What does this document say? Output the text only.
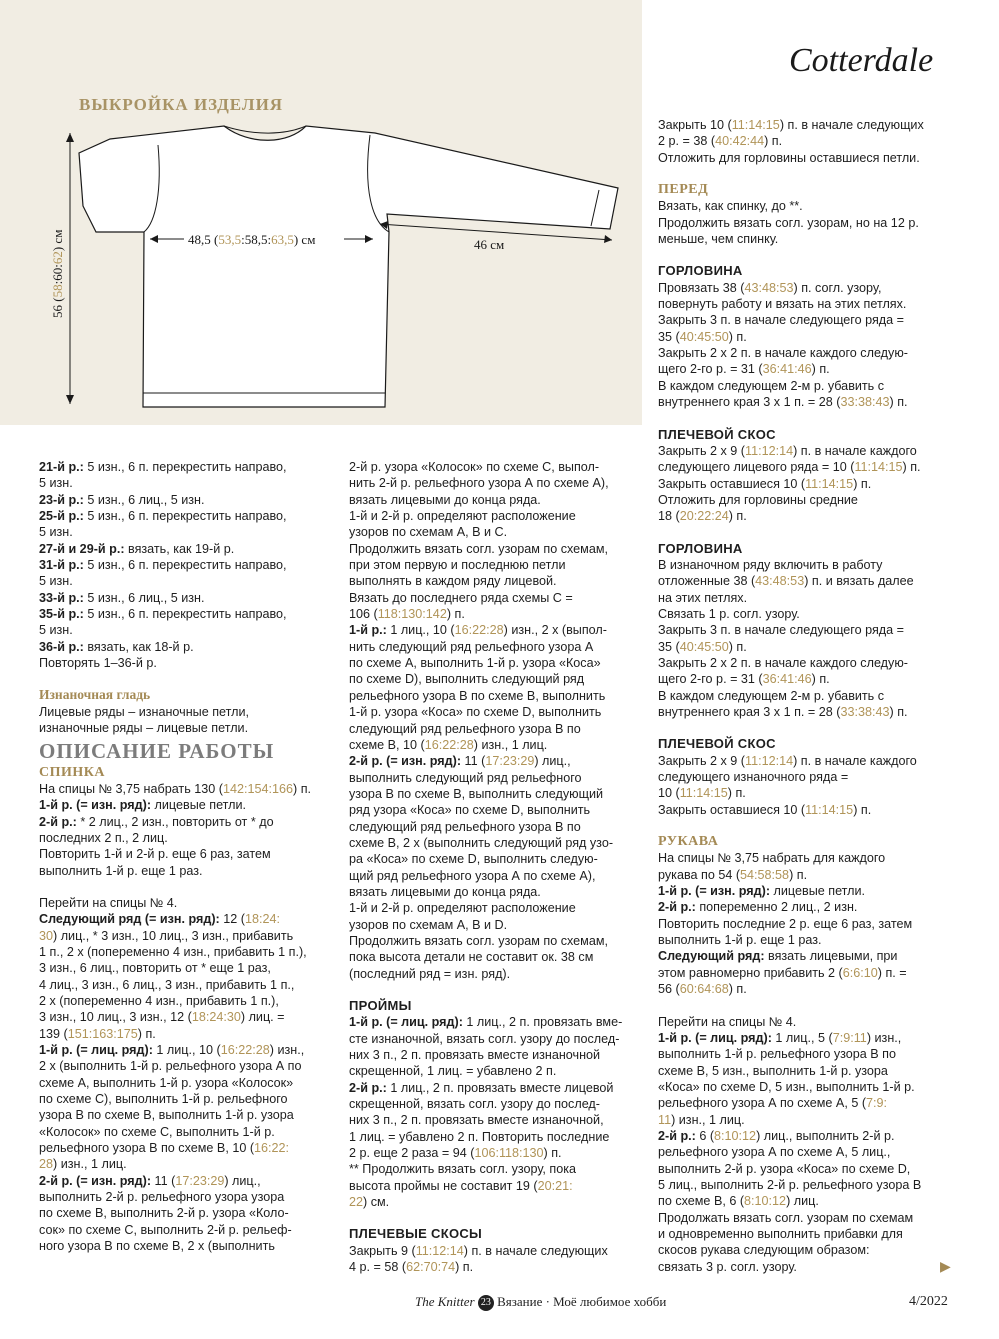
Cotterdale
ВЫКРОЙКА ИЗДЕЛИЯ
48,5 (53,5:58,5:63,5) см	46 см
56 (58:60:62) см

21-й р.: 5 изн., 6 п. перекрестить направо,

5 изн.

23-й р.: 5 изн., 6 лиц., 5 изн.

25-й р.: 5 изн., 6 п. перекрестить направо,

5 изн.

27-й и 29-й р.: вязать, как 19-й р.

31-й р.: 5 изн., 6 п. перекрестить направо,

5 изн.

33-й р.: 5 изн., 6 лиц., 5 изн.

35-й р.: 5 изн., 6 п. перекрестить направо,

5 изн.

36-й р.: вязать, как 18-й р.

Повторять 1–36-й р.

Изнаночная гладь

Лицевые ряды – изнаночные петли,

изнаночные ряды – лицевые петли.

ОПИСАНИЕ РАБОТЫ

СПИНКА

На спицы № 3,75 набрать 130 (142:154:166) п.

1-й р. (= изн. ряд): лицевые петли.

2-й р.: * 2 лиц., 2 изн., повторить от * до

последних 2 п., 2 лиц.

Повторить 1-й и 2-й р. еще 6 раз, затем

выполнить 1-й р. еще 1 раз.

Перейти на спицы № 4.

Следующий ряд (= изн. ряд): 12 (18:24:

30) лиц., * 3 изн., 10 лиц., 3 изн., прибавить

1 п., 2 х (попеременно 4 изн., прибавить 1 п.),

3 изн., 6 лиц., повторить от * еще 1 раз,

4 лиц., 3 изн., 6 лиц., 3 изн., прибавить 1 п.,

2 х (попеременно 4 изн., прибавить 1 п.),

3 изн., 10 лиц., 3 изн., 12 (18:24:30) лиц. =

139 (151:163:175) п.

1-й р. (= лиц. ряд): 1 лиц., 10 (16:22:28) изн.,

2 х (выполнить 1-й р. рельефного узора А по

схеме A, выполнить 1-й р. узора «Колосок»

по схеме C), выполнить 1-й р. рельефного

узора B по схеме B, выполнить 1-й р. узора

«Колосок» по схеме C, выполнить 1-й р.

рельефного узора B по схеме B, 10 (16:22:

28) изн., 1 лиц.

2-й р. (= изн. ряд): 11 (17:23:29) лиц.,

выполнить 2-й р. рельефного узора узора

по схеме B, выполнить 2-й р. узора «Коло-

сок» по схеме C, выполнить 2-й р. рельеф-

ного узора B по схеме B, 2 х (выполнить

2-й р. узора «Колосок» по схеме C, выпол-

нить 2-й р. рельефного узора А по схеме A),

вязать лицевыми до конца ряда.

1-й и 2-й р. определяют расположение

узоров по схемам A, B и C.

Продолжить вязать согл. узорам по схемам,

при этом первую и последнюю петли

выполнять в каждом ряду лицевой.

Вязать до последнего ряда схемы C =

106 (118:130:142) п.

1-й р.: 1 лиц., 10 (16:22:28) изн., 2 х (выпол-

нить следующий ряд рельефного узора А

по схеме A, выполнить 1-й р. узора «Коса»

по схеме D), выполнить следующий ряд

рельефного узора B по схеме B, выполнить

1-й р. узора «Коса» по схеме D, выполнить

следующий ряд рельефного узора B по

схеме B, 10 (16:22:28) изн., 1 лиц.

2-й р. (= изн. ряд): 11 (17:23:29) лиц.,

выполнить следующий ряд рельефного

узора B по схеме B, выполнить следующий

ряд узора «Коса» по схеме D, выполнить

следующий ряд рельефного узора B по

схеме B, 2 х (выполнить следующий ряд узо-

ра «Коса» по схеме D, выполнить следую-

щий ряд рельефного узора А по схеме A),

вязать лицевыми до конца ряда.

1-й и 2-й р. определяют расположение

узоров по схемам A, B и D.

Продолжить вязать согл. узорам по схемам,

пока высота детали не составит ок. 38 см

(последний ряд = изн. ряд).

ПРОЙМЫ

1-й р. (= лиц. ряд): 1 лиц., 2 п. провязать вме-

сте изнаночной, вязать согл. узору до послед-

них 3 п., 2 п. провязать вместе изнаночной

скрещенной, 1 лиц. = убавлено 2 п.

2-й р.: 1 лиц., 2 п. провязать вместе лицевой

скрещенной, вязать согл. узору до послед-

них 3 п., 2 п. провязать вместе изнаночной,

1 лиц. = убавлено 2 п. Повторить последние

2 р. еще 2 раза = 94 (106:118:130) п.

** Продолжить вязать согл. узору, пока

высота проймы не составит 19 (20:21:

22) см.

ПЛЕЧЕВЫЕ СКОСЫ

Закрыть 9 (11:12:14) п. в начале следующих

4 р. = 58 (62:70:74) п.

Закрыть 10 (11:14:15) п. в начале следующих

2 р. = 38 (40:42:44) п.

Отложить для горловины оставшиеся петли.

ПЕРЕД

Вязать, как спинку, до **.

Продолжить вязать согл. узорам, но на 12 р.

меньше, чем спинку.

ГОРЛОВИНА

Провязать 38 (43:48:53) п. согл. узору,

повернуть работу и вязать на этих петлях.

Закрыть 3 п. в начале следующего ряда =

35 (40:45:50) п.

Закрыть 2 х 2 п. в начале каждого следую-

щего 2-го р. = 31 (36:41:46) п.

В каждом следующем 2-м р. убавить с

внутреннего края 3 х 1 п. = 28 (33:38:43) п.

ПЛЕЧЕВОЙ СКОС

Закрыть 2 х 9 (11:12:14) п. в начале каждого

следующего лицевого ряда = 10 (11:14:15) п.

Закрыть оставшиеся 10 (11:14:15) п.

Отложить для горловины средние

18 (20:22:24) п.

ГОРЛОВИНА

В изнаночном ряду включить в работу

отложенные 38 (43:48:53) п. и вязать далее

на этих петлях.

Связать 1 р. согл. узору.

Закрыть 3 п. в начале следующего ряда =

35 (40:45:50) п.

Закрыть 2 х 2 п. в начале каждого следую-

щего 2-го р. = 31 (36:41:46) п.

В каждом следующем 2-м р. убавить с

внутреннего края 3 х 1 п. = 28 (33:38:43) п.

ПЛЕЧЕВОЙ СКОС

Закрыть 2 х 9 (11:12:14) п. в начале каждого

следующего изнаночного ряда =

10 (11:14:15) п.

Закрыть оставшиеся 10 (11:14:15) п.

РУКАВА

На спицы № 3,75 набрать для каждого

рукава по 54 (54:58:58) п.

1-й р. (= изн. ряд): лицевые петли.

2-й р.: попеременно 2 лиц., 2 изн.

Повторить последние 2 р. еще 6 раз, затем

выполнить 1-й р. еще 1 раз.

Следующий ряд: вязать лицевыми, при

этом равномерно прибавить 2 (6:6:10) п. =

56 (60:64:68) п.

Перейти на спицы № 4.

1-й р. (= лиц. ряд): 1 лиц., 5 (7:9:11) изн.,

выполнить 1-й р. рельефного узора B по

схеме B, 5 изн., выполнить 1-й р. узора

«Коса» по схеме D, 5 изн., выполнить 1-й р.

рельефного узора А по схеме A, 5 (7:9:

11) изн., 1 лиц.

2-й р.: 6 (8:10:12) лиц., выполнить 2-й р.

рельефного узора А по схеме A, 5 лиц.,

выполнить 2-й р. узора «Коса» по схеме D,

5 лиц., выполнить 2-й р. рельефного узора B

по схеме B, 6 (8:10:12) лиц.

Продолжать вязать согл. узорам по схемам

и одновременно выполнить прибавки для

скосов рукава следующим образом:

связать 3 р. согл. узору.	▶
The Knitter 23 Вязание · Моё любимое хобби	4/2022
